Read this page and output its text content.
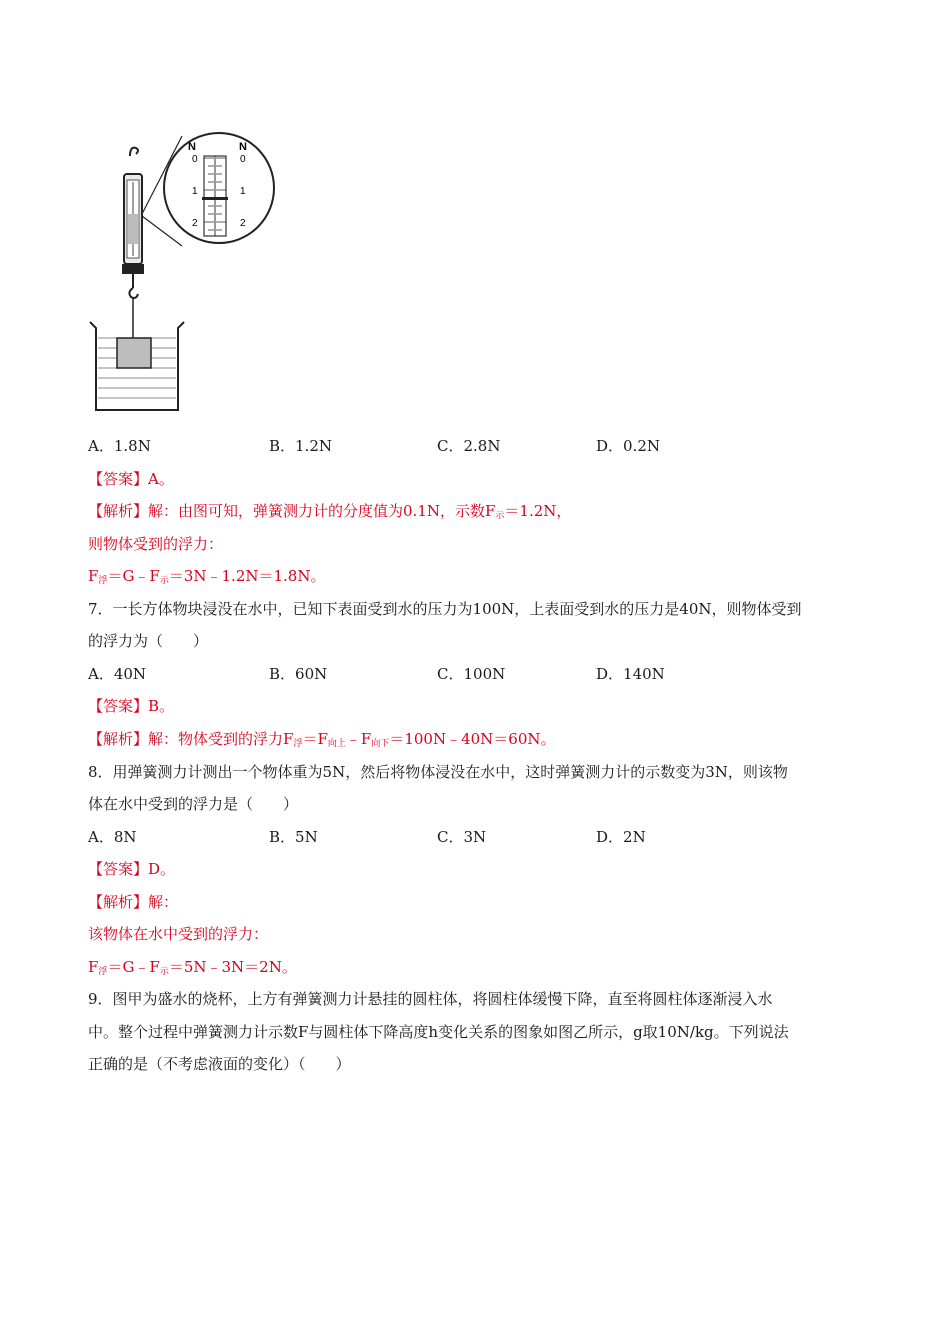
N	N
0
1
2
0
1
2
A．1.8N	B．1.2N	C．2.8N	D．0.2N
【答案】A。
【解析】解：由图可知，弹簧测力计的分度值为0.1N，示数$F_示=1.2N$，
则物体受到的浮力：
$F_浮=G﹣F_示=3N﹣1.2N=1.8N$。
7．一长方体物块浸没在水中，已知下表面受到水的压力为100N，上表面受到水的压力是40N，则物体受到
的浮力为（　　）
A．40N	B．60N	C．100N	D．140N
【答案】B。
【解析】解：物体受到的浮力$F_浮=F_{向上}﹣F_{向下}=100N﹣40N=60N$。
8．用弹簧测力计测出一个物体重为5N，然后将物体浸没在水中，这时弹簧测力计的示数变为3N，则该物
体在水中受到的浮力是（　　）
A．8N	B．5N	C．3N	D．2N
【答案】D。
【解析】解：
该物体在水中受到的浮力：
$F_浮=G﹣F_示=5N﹣3N=2N$。
9．图甲为盛水的烧杯，上方有弹簧测力计悬挂的圆柱体，将圆柱体缓慢下降，直至将圆柱体逐渐浸入水
中。整个过程中弹簧测力计示数F与圆柱体下降高度h变化关系的图象如图乙所示，g取10N/kg。下列说法
正确的是（不考虑液面的变化）（　　）
